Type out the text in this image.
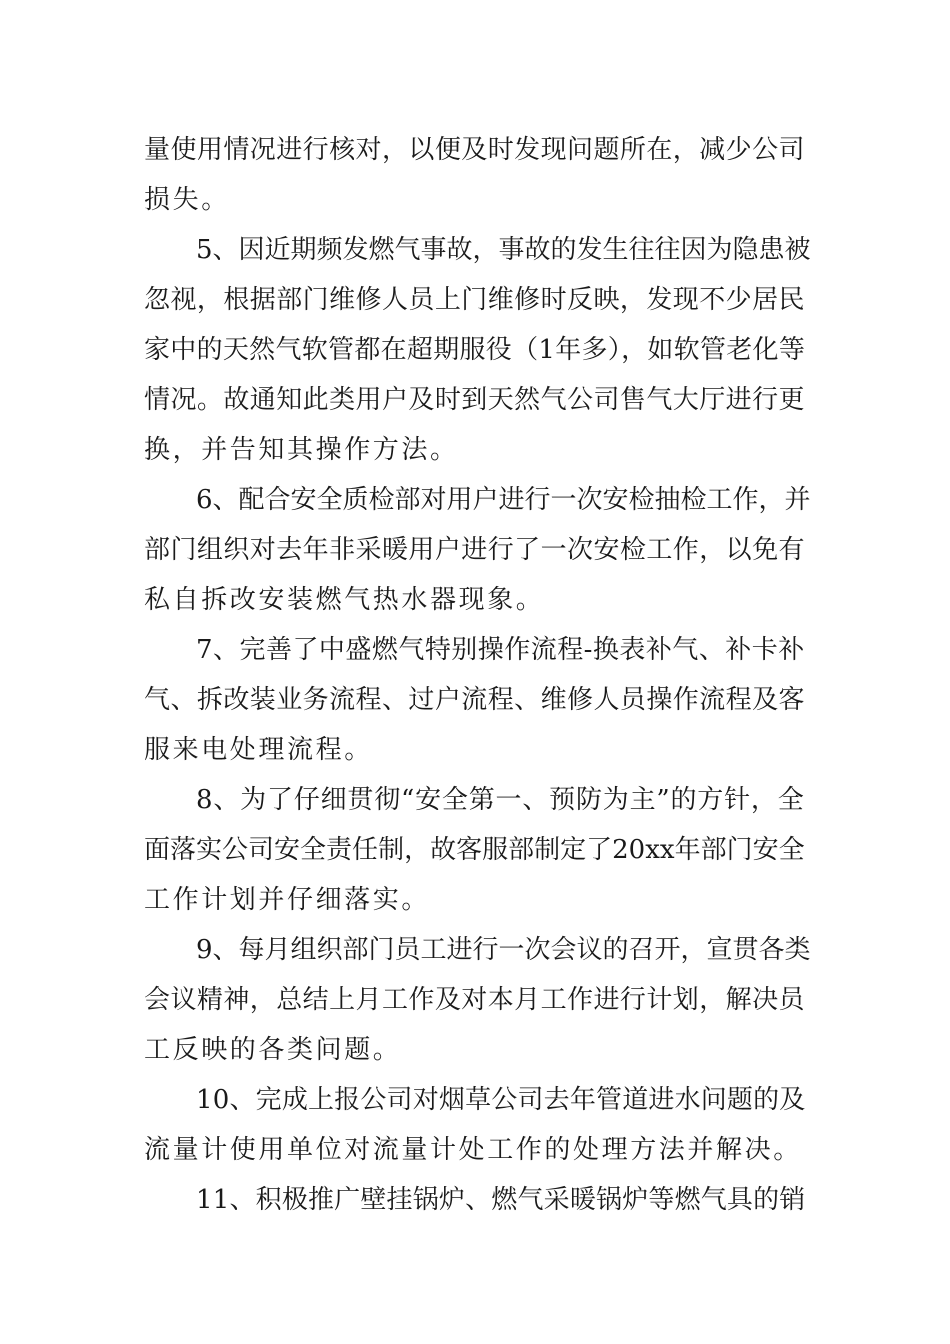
量使用情况进行核对，以便及时发现问题所在，减少公司
损失。
5、因近期频发燃气事故，事故的发生往往因为隐患被
忽视，根据部门维修人员上门维修时反映，发现不少居民
家中的天然气软管都在超期服役（1年多），如软管老化等
情况。故通知此类用户及时到天然气公司售气大厅进行更
换，并告知其操作方法。
6、配合安全质检部对用户进行一次安检抽检工作，并
部门组织对去年非采暖用户进行了一次安检工作，以免有
私自拆改安装燃气热水器现象。
7、完善了中盛燃气特别操作流程-换表补气、补卡补
气、拆改装业务流程、过户流程、维修人员操作流程及客
服来电处理流程。
8、为了仔细贯彻“安全第一、预防为主”的方针，全
面落实公司安全责任制，故客服部制定了20xx年部门安全
工作计划并仔细落实。
9、每月组织部门员工进行一次会议的召开，宣贯各类
会议精神，总结上月工作及对本月工作进行计划，解决员
工反映的各类问题。
10、完成上报公司对烟草公司去年管道进水问题的及
流量计使用单位对流量计处工作的处理方法并解决。
11、积极推广壁挂锅炉、燃气采暖锅炉等燃气具的销
